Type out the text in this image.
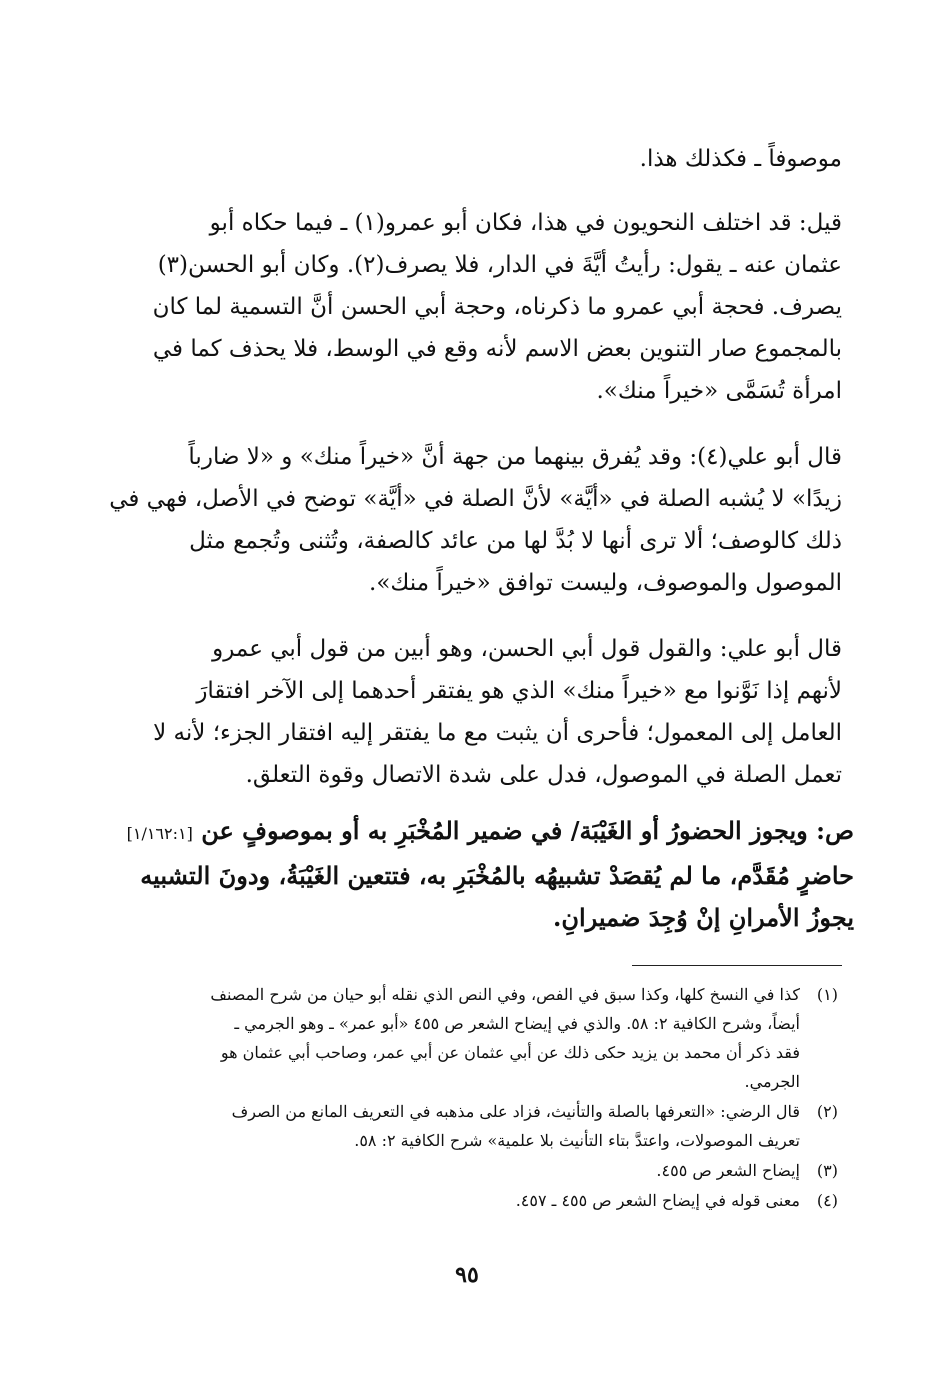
موصوفاً ـ فكذلك هذا.

قيل: قد اختلف النحويون في هذا، فكان أبو عمرو(١) ـ فيما حكاه أبو
عثمان عنه ـ يقول: رأيتُ أيَّةَ في الدار، فلا يصرف(٢). وكان أبو الحسن(٣)
يصرف. فحجة أبي عمرو ما ذكرناه، وحجة أبي الحسن أنَّ التسمية لما كان
بالمجموع صار التنوين بعض الاسم لأنه وقع في الوسط، فلا يحذف كما في
امرأة تُسَمَّى «خيراً منك».

قال أبو علي(٤): وقد يُفرق بينهما من جهة أنَّ «خيراً منك» و «لا ضارباً
زيدًا» لا يُشبه الصلة في «أيَّة» لأنَّ الصلة في «أيَّة» توضح في الأصل، فهي في
ذلك كالوصف؛ ألا ترى أنها لا بُدَّ لها من عائد كالصفة، وتُثنى وتُجمع مثل
الموصول والموصوف، وليست توافق «خيراً منك».

قال أبو علي: والقول قول أبي الحسن، وهو أبين من قول أبي عمرو
لأنهم إذا نَوَّنوا مع «خيراً منك» الذي هو يفتقر أحدهما إلى الآخر افتقارَ
العامل إلى المعمول؛ فأحرى أن يثبت مع ما يفتقر إليه افتقار الجزء؛ لأنه لا
تعمل الصلة في الموصول، فدل على شدة الاتصال وقوة التعلق.

ص: ويجوز الحضورُ أو الغَيْبَة/ في ضمير المُخْبَرِ به أو بموصوفٍ عن [١/١٦٢:١]
حاضرٍ مُقَدَّم، ما لم يُقصَدْ تشبيهُه بالمُخْبَرِ به، فتتعين الغَيْبَةُ، ودونَ التشبيه
يجوزُ الأمرانِ إنْ وُجِدَ ضميرانِ.

(١)
كذا في النسخ كلها، وكذا سبق في الفص، وفي النص الذي نقله أبو حيان من شرح المصنف
أيضاً، وشرح الكافية ٢: ٥٨. والذي في إيضاح الشعر ص ٤٥٥ «أبو عمر» ـ وهو الجرمي ـ
فقد ذكر أن محمد بن يزيد حكى ذلك عن أبي عثمان عن أبي عمر، وصاحب أبي عثمان هو
الجرمي.
(٢)
قال الرضي: «التعرفها بالصلة والتأنيث، فزاد على مذهبه في التعريف المانع من الصرف
تعريف الموصولات، واعتدَّ بتاء التأنيث بلا علمية» شرح الكافية ٢: ٥٨.
(٣)
إيضاح الشعر ص ٤٥٥.
(٤)
معنى قوله في إيضاح الشعر ص ٤٥٥ ـ ٤٥٧.
٩٥
